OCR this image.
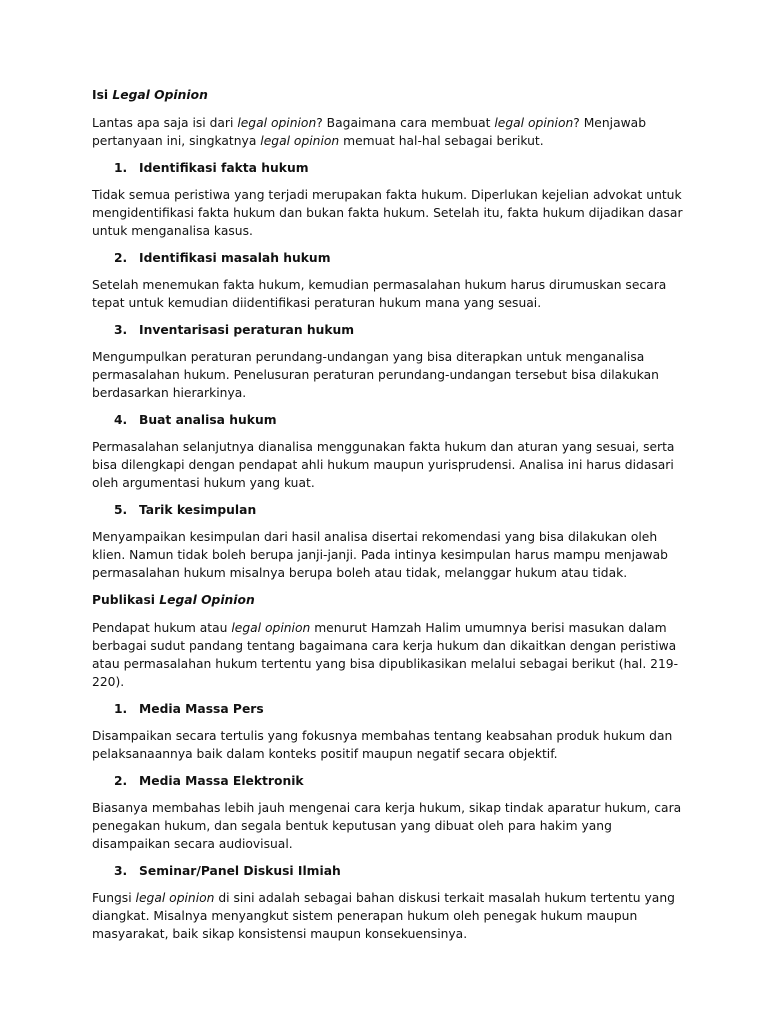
Isi Legal Opinion

Lantas apa saja isi dari legal opinion? Bagaimana cara membuat legal opinion? Menjawab pertanyaan ini, singkatnya legal opinion memuat hal-hal sebagai berikut.

1. Identifikasi fakta hukum

Tidak semua peristiwa yang terjadi merupakan fakta hukum. Diperlukan kejelian advokat untuk mengidentifikasi fakta hukum dan bukan fakta hukum. Setelah itu, fakta hukum dijadikan dasar untuk menganalisa kasus.

2. Identifikasi masalah hukum

Setelah menemukan fakta hukum, kemudian permasalahan hukum harus dirumuskan secara tepat untuk kemudian diidentifikasi peraturan hukum mana yang sesuai.

3. Inventarisasi peraturan hukum

Mengumpulkan peraturan perundang-undangan yang bisa diterapkan untuk menganalisa permasalahan hukum. Penelusuran peraturan perundang-undangan tersebut bisa dilakukan berdasarkan hierarkinya.

4. Buat analisa hukum

Permasalahan selanjutnya dianalisa menggunakan fakta hukum dan aturan yang sesuai, serta bisa dilengkapi dengan pendapat ahli hukum maupun yurisprudensi. Analisa ini harus didasari oleh argumentasi hukum yang kuat.

5. Tarik kesimpulan

Menyampaikan kesimpulan dari hasil analisa disertai rekomendasi yang bisa dilakukan oleh klien. Namun tidak boleh berupa janji-janji. Pada intinya kesimpulan harus mampu menjawab permasalahan hukum misalnya berupa boleh atau tidak, melanggar hukum atau tidak.

Publikasi Legal Opinion

Pendapat hukum atau legal opinion menurut Hamzah Halim umumnya berisi masukan dalam berbagai sudut pandang tentang bagaimana cara kerja hukum dan dikaitkan dengan peristiwa atau permasalahan hukum tertentu yang bisa dipublikasikan melalui sebagai berikut (hal. 219-220).

1. Media Massa Pers

Disampaikan secara tertulis yang fokusnya membahas tentang keabsahan produk hukum dan pelaksanaannya baik dalam konteks positif maupun negatif secara objektif.

2. Media Massa Elektronik

Biasanya membahas lebih jauh mengenai cara kerja hukum, sikap tindak aparatur hukum, cara penegakan hukum, dan segala bentuk keputusan yang dibuat oleh para hakim yang disampaikan secara audiovisual.

3. Seminar/Panel Diskusi Ilmiah

Fungsi legal opinion di sini adalah sebagai bahan diskusi terkait masalah hukum tertentu yang diangkat. Misalnya menyangkut sistem penerapan hukum oleh penegak hukum maupun masyarakat, baik sikap konsistensi maupun konsekuensinya.
